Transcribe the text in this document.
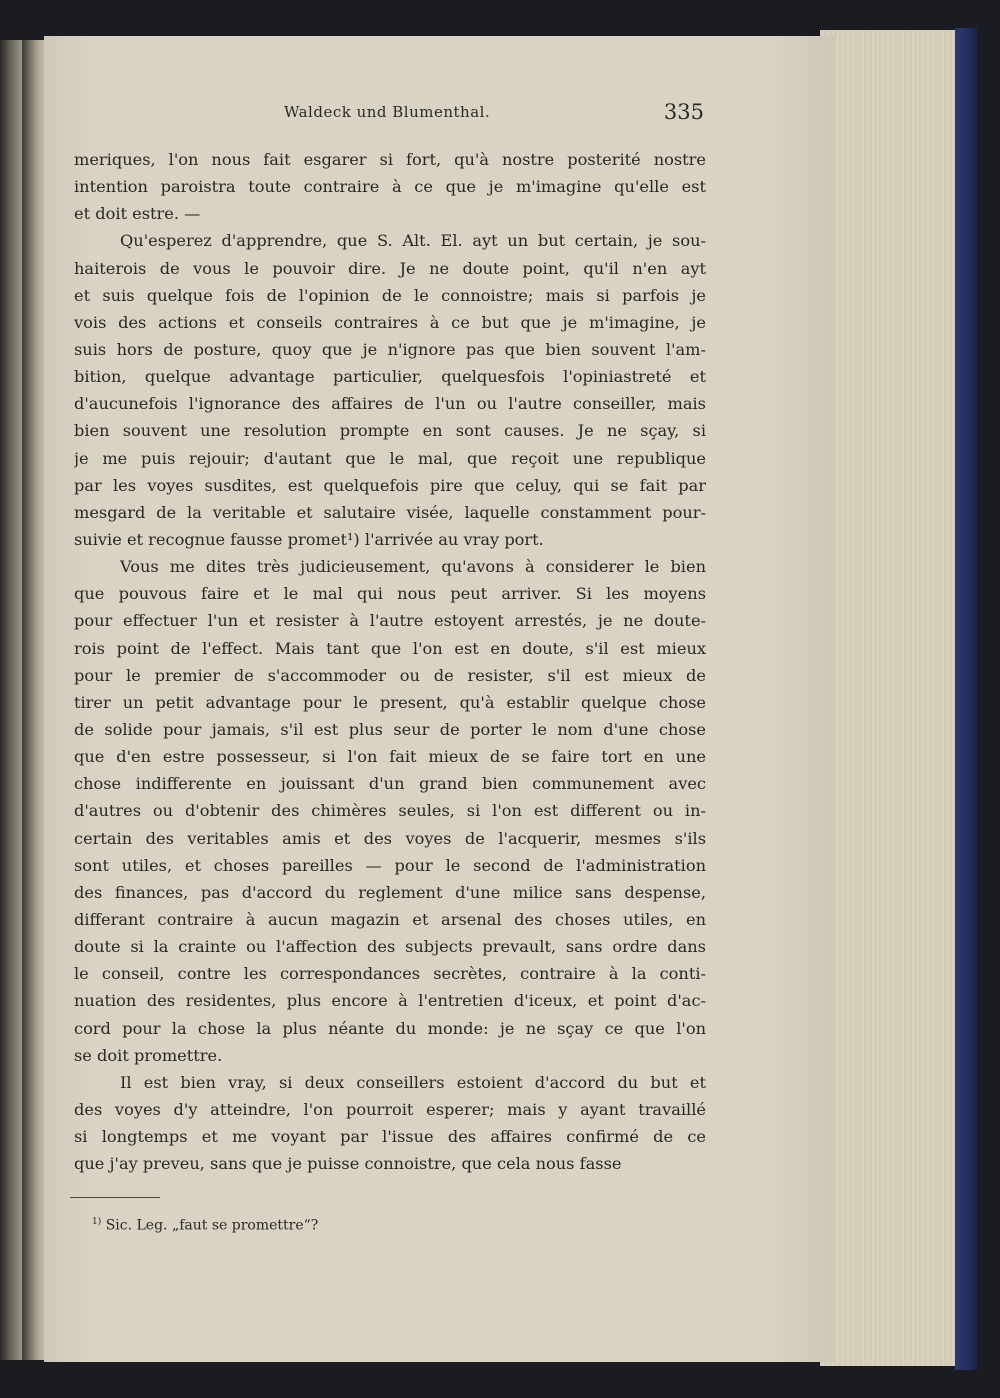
Waldeck und Blumenthal.	335
meriques, l'on nous fait esgarer si fort, qu'à nostre posterité nostre
intention paroistra toute contraire à ce que je m'imagine qu'elle est
et doit estre. —
Qu'esperez d'apprendre, que S. Alt. El. ayt un but certain, je sou-
haiterois de vous le pouvoir dire. Je ne doute point, qu'il n'en ayt
et suis quelque fois de l'opinion de le connoistre; mais si parfois je
vois des actions et conseils contraires à ce but que je m'imagine, je
suis hors de posture, quoy que je n'ignore pas que bien souvent l'am-
bition, quelque advantage particulier, quelquesfois l'opiniastreté et
d'aucunefois l'ignorance des affaires de l'un ou l'autre conseiller, mais
bien souvent une resolution prompte en sont causes. Je ne sçay, si
je me puis rejouir; d'autant que le mal, que reçoit une republique
par les voyes susdites, est quelquefois pire que celuy, qui se fait par
mesgard de la veritable et salutaire visée, laquelle constamment pour-
suivie et recognue fausse promet¹) l'arrivée au vray port.
Vous me dites très judicieusement, qu'avons à considerer le bien
que pouvous faire et le mal qui nous peut arriver. Si les moyens
pour effectuer l'un et resister à l'autre estoyent arrestés, je ne doute-
rois point de l'effect. Mais tant que l'on est en doute, s'il est mieux
pour le premier de s'accommoder ou de resister, s'il est mieux de
tirer un petit advantage pour le present, qu'à establir quelque chose
de solide pour jamais, s'il est plus seur de porter le nom d'une chose
que d'en estre possesseur, si l'on fait mieux de se faire tort en une
chose indifferente en jouissant d'un grand bien communement avec
d'autres ou d'obtenir des chimères seules, si l'on est different ou in-
certain des veritables amis et des voyes de l'acquerir, mesmes s'ils
sont utiles, et choses pareilles — pour le second de l'administration
des finances, pas d'accord du reglement d'une milice sans despense,
differant contraire à aucun magazin et arsenal des choses utiles, en
doute si la crainte ou l'affection des subjects prevault, sans ordre dans
le conseil, contre les correspondances secrètes, contraire à la conti-
nuation des residentes, plus encore à l'entretien d'iceux, et point d'ac-
cord pour la chose la plus néante du monde: je ne sçay ce que l'on
se doit promettre.
Il est bien vray, si deux conseillers estoient d'accord du but et
des voyes d'y atteindre, l'on pourroit esperer; mais y ayant travaillé
si longtemps et me voyant par l'issue des affaires confirmé de ce
que j'ay preveu, sans que je puisse connoistre, que cela nous fasse
$^{1)}$ Sic. Leg. „faut se promettre“?
